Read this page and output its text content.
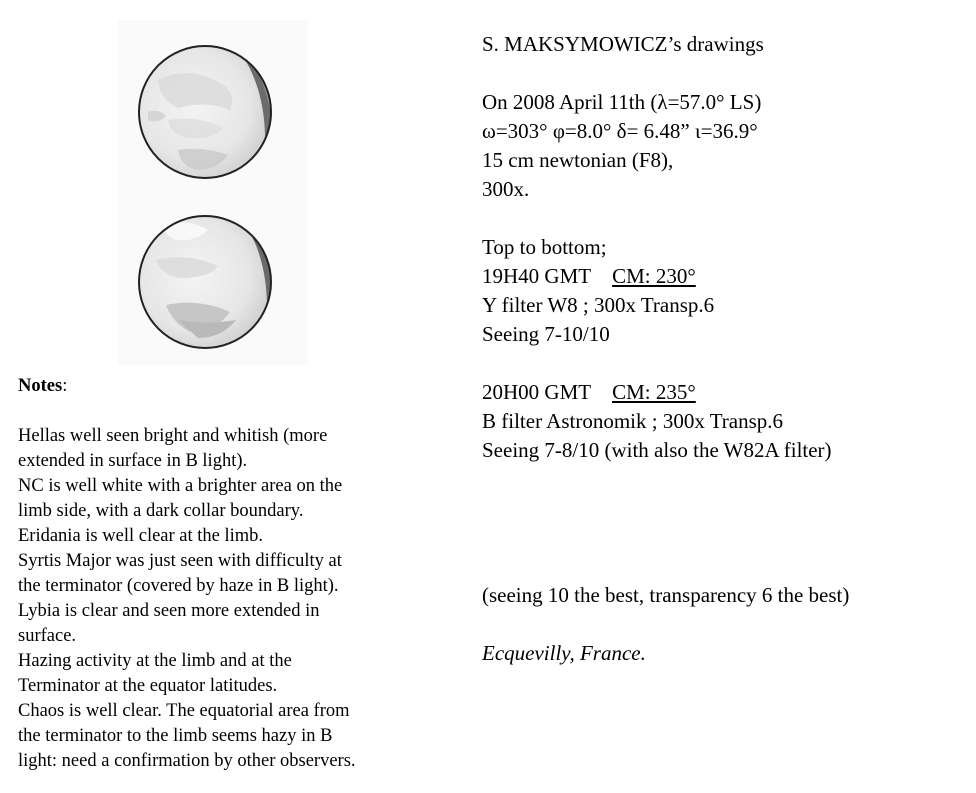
Notes:

Hellas well seen bright and whitish (more

extended in surface in B light).

NC is well white with a brighter area on the

limb side, with a dark collar boundary.

Eridania is well clear at the limb.

Syrtis Major was just seen with difficulty at

the terminator (covered by haze in B light).

Lybia is clear and seen more extended in

surface.

Hazing activity at the limb and at the

Terminator at the equator latitudes.

Chaos is well clear. The equatorial area from

the terminator to the limb seems hazy in B

light: need a confirmation by other observers.

S. MAKSYMOWICZ’s drawings

On 2008 April 11th (λ=57.0° LS)

ω=303° φ=8.0° δ= 6.48” ι=36.9°

15 cm newtonian (F8),

300x.

Top to bottom;

19H40 GMT CM: 230°

Y filter W8 ; 300x Transp.6

Seeing 7-10/10

20H00 GMT CM: 235°

B filter Astronomik ; 300x Transp.6

Seeing 7-8/10 (with also the W82A filter)

(seeing 10 the best, transparency 6 the best)

Ecquevilly, France.
